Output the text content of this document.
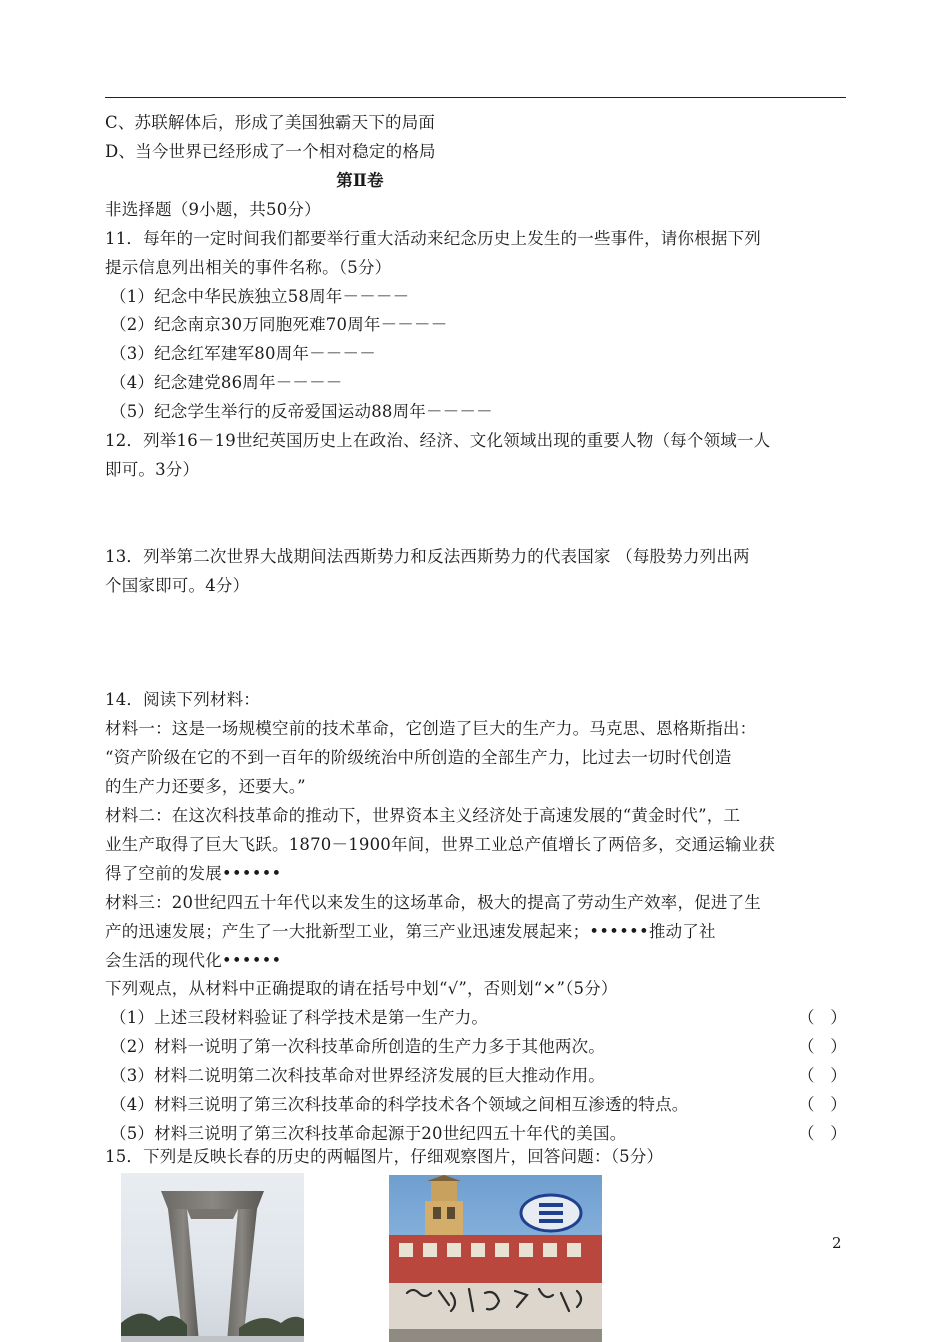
C、苏联解体后，形成了美国独霸天下的局面
D、当今世界已经形成了一个相对稳定的格局
第Ⅱ卷
非选择题（9小题，共50分）
11．每年的一定时间我们都要举行重大活动来纪念历史上发生的一些事件，请你根据下列
提示信息列出相关的事件名称。（5分）
（1）纪念中华民族独立58周年－－－－
（2）纪念南京30万同胞死难70周年－－－－
（3）纪念红军建军80周年－－－－
（4）纪念建党86周年－－－－
（5）纪念学生举行的反帝爱国运动88周年－－－－
12．列举16－19世纪英国历史上在政治、经济、文化领域出现的重要人物（每个领域一人
即可。3分）
13．列举第二次世界大战期间法西斯势力和反法西斯势力的代表国家 （每股势力列出两
个国家即可。4分）
14．阅读下列材料：
材料一：这是一场规模空前的技术革命，它创造了巨大的生产力。马克思、恩格斯指出：
“资产阶级在它的不到一百年的阶级统治中所创造的全部生产力，比过去一切时代创造
的生产力还要多，还要大。”
材料二：在这次科技革命的推动下，世界资本主义经济处于高速发展的“黄金时代”，工
业生产取得了巨大飞跃。1870－1900年间，世界工业总产值增长了两倍多，交通运输业获
得了空前的发展••••••
材料三：20世纪四五十年代以来发生的这场革命，极大的提高了劳动生产效率，促进了生
产的迅速发展；产生了一大批新型工业，第三产业迅速发展起来；••••••推动了社
会生活的现代化••••••
下列观点，从材料中正确提取的请在括号中划“√”，否则划“×”（5分）
（1）上述三段材料验证了科学技术是第一生产力。	（   ）
（2）材料一说明了第一次科技革命所创造的生产力多于其他两次。	（   ）
（3）材料二说明第二次科技革命对世界经济发展的巨大推动作用。	（   ）
（4）材料三说明了第三次科技革命的科学技术各个领域之间相互渗透的特点。	（   ）
（5）材料三说明了第三次科技革命起源于20世纪四五十年代的美国。	（   ）
15．下列是反映长春的历史的两幅图片，仔细观察图片，回答问题：（5分）
2
